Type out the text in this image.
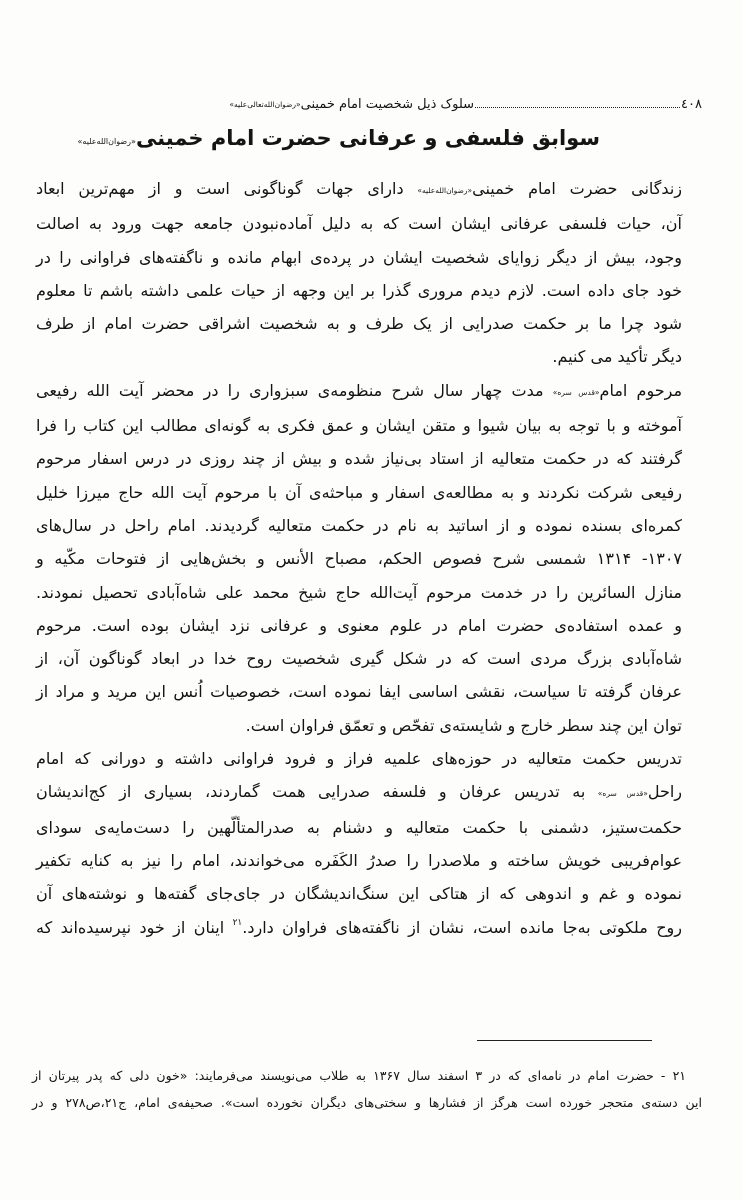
٤٠٨
سلوک ذیل شخصیت امام خمینی«رضوان‌الله‌تعالی‌علیه»
سوابق فلسفی و عرفانی حضرت امام خمینی«رضوان‌الله‌علیه»

زندگانی حضرت امام خمینی«رضوان‌الله‌علیه» دارای جهات گوناگونی است و از مهم‌ترین ابعاد
آن، حیات فلسفی عرفانی ایشان است که به دلیل آماده‌نبودن جامعه جهت ورود به اصالت
وجود، بیش از دیگر زوایای شخصیت ایشان در پرده‌ی ابهام مانده و ناگفته‌های فراوانی را در
خود جای داده است. لازم دیدم مروری گذرا بر این وجهه از حیات علمی داشته باشم تا معلوم
شود چرا ما بر حکمت صدرایی از یک طرف و به شخصیت اشراقی حضرت امام از طرف
دیگر تأکید می کنیم.

مرحوم امام«قدس سره» مدت چهار سال شرح منظومه‌ی سبزواری را در محضر آیت الله رفیعی
آموخته و با توجه به بیان شیوا و متقن ایشان و عمق فکری به گونه‌ای مطالب این کتاب را فرا
گرفتند که در حکمت متعالیه از استاد بی‌نیاز شده و بیش از چند روزی در درس اسفار مرحوم
رفیعی شرکت نکردند و به مطالعه‌ی اسفار و مباحثه‌ی آن با مرحوم آیت الله حاج میرزا خلیل
کمره‌ای بسنده نموده و از اساتید به نام در حکمت متعالیه گردیدند. امام راحل در سال‌های
۱۳۰۷- ۱۳۱۴ شمسی شرح فصوص الحکم، مصباح الأنس و بخش‌هایی از فتوحات مکّیه و
منازل السائرین را در خدمت مرحوم آیت‌الله حاج شیخ محمد علی شاه‌آبادی تحصیل نمودند.
و عمده استفاده‌ی حضرت امام در علوم معنوی و عرفانی نزد ایشان بوده است. مرحوم
شاه‌آبادی بزرگ مردی است که در شکل گیری شخصیت روح خدا در ابعاد گوناگون آن، از
عرفان گرفته تا سیاست، نقشی اساسی ایفا نموده است، خصوصیات اُنس این مرید و مراد از
توان این چند سطر خارج و شایسته‌ی تفحّص و تعمّق فراوان است.

تدریس حکمت متعالیه در حوزه‌های علمیه فراز و فرود فراوانی داشته و دورانی که امام
راحل«قدس سره» به تدریس عرفان و فلسفه صدرایی همت گماردند، بسیاری از کج‌اندیشان
حکمت‌ستیز، دشمنی با حکمت متعالیه و دشنام به صدرالمتألّهین را دست‌مایه‌ی سودای
عوام‌فریبی خویش ساخته و ملاصدرا را صدرُ الکَفَره می‌خواندند، امام را نیز به کنایه تکفیر
نموده و غم و اندوهی که از هتاکی این سنگ‌اندیشگان در جای‌جای گفته‌ها و نوشته‌های آن
روح ملکوتی به‌جا مانده است، نشان از ناگفته‌های فراوان دارد.$^{۲۱}$ اینان از خود نپرسیده‌اند که

۲۱ - حضرت امام در نامه‌ای که در ۳ اسفند سال ۱۳۶۷ به طلاب می‌نویسند می‌فرمایند: «خون دلی که پدر پیرتان از
این دسته‌ی متحجر خورده است هرگز از فشارها و سختی‌های دیگران نخورده است». صحیفه‌ی امام، ج۲۱،ص۲۷۸ و در
